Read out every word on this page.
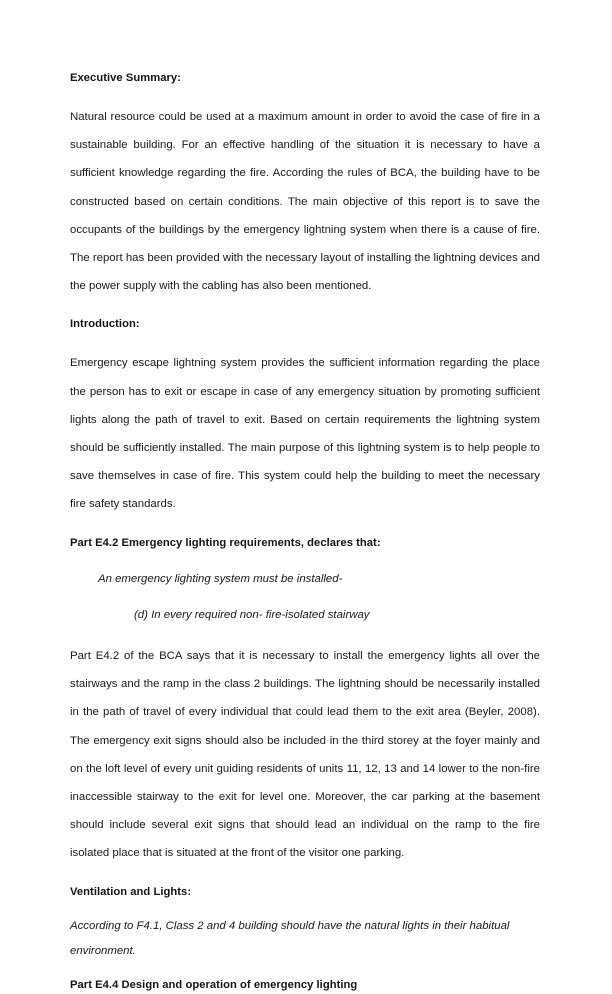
Executive Summary:

Natural resource could be used at a maximum amount in order to avoid the case of fire in a sustainable building. For an effective handling of the situation it is necessary to have a sufficient knowledge regarding the fire. According the rules of BCA, the building have to be constructed based on certain conditions. The main objective of this report is to save the occupants of the buildings by the emergency lightning system when there is a cause of fire. The report has been provided with the necessary layout of installing the lightning devices and the power supply with the cabling has also been mentioned.

Introduction:

Emergency escape lightning system provides the sufficient information regarding the place the person has to exit or escape in case of any emergency situation by promoting sufficient lights along the path of travel to exit. Based on certain requirements the lightning system should be sufficiently installed. The main purpose of this lightning system is to help people to save themselves in case of fire. This system could help the building to meet the necessary fire safety standards.

Part E4.2 Emergency lighting requirements, declares that:

An emergency lighting system must be installed-

(d) In every required non- fire-isolated stairway

Part E4.2 of the BCA says that it is necessary to install the emergency lights all over the stairways and the ramp in the class 2 buildings. The lightning should be necessarily installed in the path of travel of every individual that could lead them to the exit area (Beyler, 2008). The emergency exit signs should also be included in the third storey at the foyer mainly and on the loft level of every unit guiding residents of units 11, 12, 13 and 14 lower to the non-fire inaccessible stairway to the exit for level one. Moreover, the car parking at the basement should include several exit signs that should lead an individual on the ramp to the fire isolated place that is situated at the front of the visitor one parking.

Ventilation and Lights:

According to F4.1, Class 2 and 4 building should have the natural lights in their habitual environment.

Part E4.4 Design and operation of emergency lighting
